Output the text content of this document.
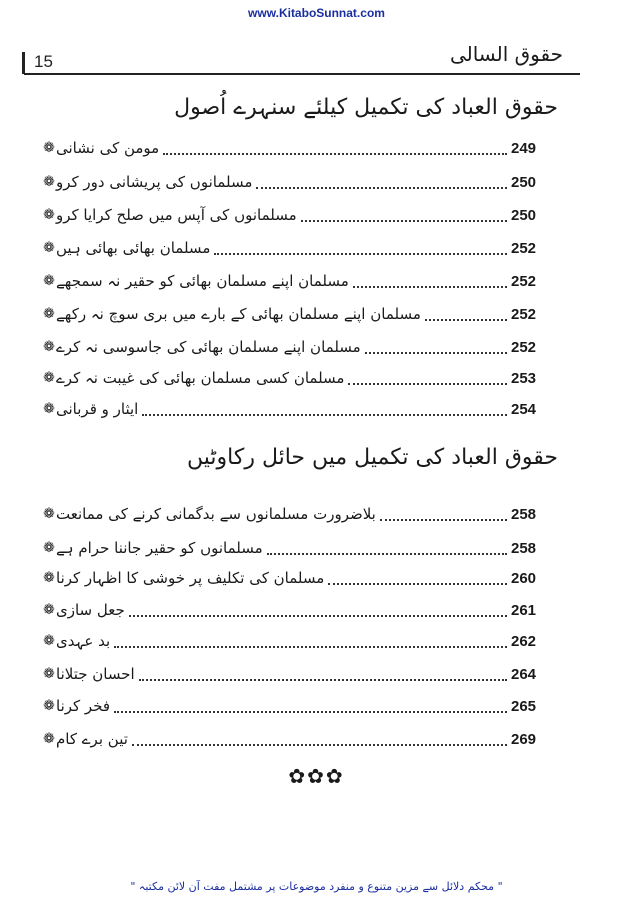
www.KitaboSunnat.com
15	حقوق السالی
حقوق العباد کی تکمیل کیلئے سنہرے اُصول
❁ مومن کی نشانی	249
❁ مسلمانوں کی پریشانی دور کرو	250
❁ مسلمانوں کی آپس میں صلح کرایا کرو	250
❁ مسلمان بھائی بھائی ہیں	252
❁ مسلمان اپنے مسلمان بھائی کو حقیر نہ سمجھے	252
❁ مسلمان اپنے مسلمان بھائی کے بارے میں بری سوچ نہ رکھے	252
❁ مسلمان اپنے مسلمان بھائی کی جاسوسی نہ کرے	252
❁ مسلمان کسی مسلمان بھائی کی غیبت نہ کرے	253
❁ ایثار و قربانی	254
حقوق العباد کی تکمیل میں حائل رکاوٹیں
❁ بلاضرورت مسلمانوں سے بدگمانی کرنے کی ممانعت	258
❁ مسلمانوں کو حقیر جاننا حرام ہے	258
❁ مسلمان کی تکلیف پر خوشی کا اظہار کرنا	260
❁ جعل سازی	261
❁ بد عہدی	262
❁ احسان جتلانا	264
❁ فخر کرنا	265
❁ تین برے کام	269
✿✿✿
" محکم دلائل سے مزین متنوع و منفرد موضوعات پر مشتمل مفت آن لائن مکتبہ "
